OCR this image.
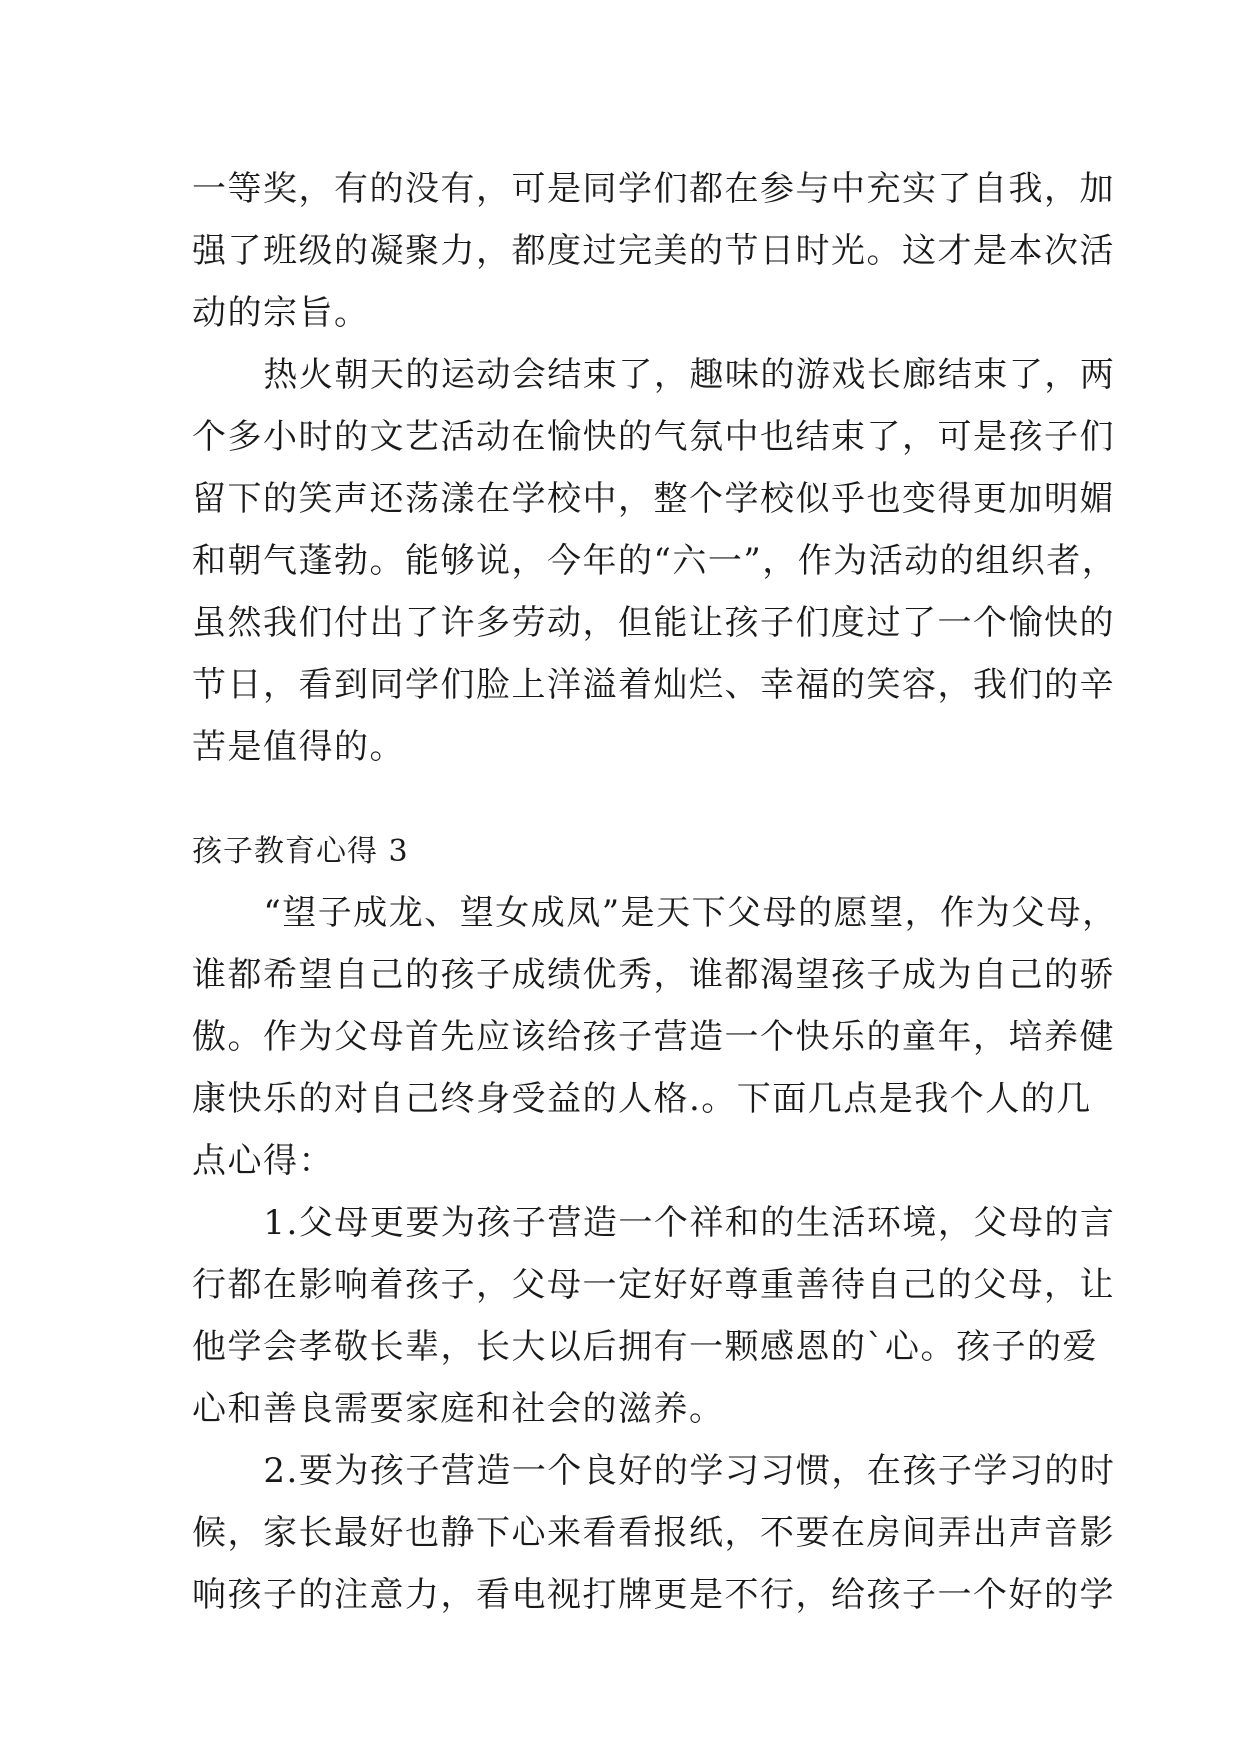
一等奖，有的没有，可是同学们都在参与中充实了自我，加
强了班级的凝聚力，都度过完美的节日时光。这才是本次活
动的宗旨。

热火朝天的运动会结束了，趣味的游戏长廊结束了，两
个多小时的文艺活动在愉快的气氛中也结束了，可是孩子们
留下的笑声还荡漾在学校中，整个学校似乎也变得更加明媚
和朝气蓬勃。能够说，今年的“六一”，作为活动的组织者，
虽然我们付出了许多劳动，但能让孩子们度过了一个愉快的
节日，看到同学们脸上洋溢着灿烂、幸福的笑容，我们的辛
苦是值得的。

孩子教育心得 3

“望子成龙、望女成凤”是天下父母的愿望，作为父母，
谁都希望自己的孩子成绩优秀，谁都渴望孩子成为自己的骄
傲。作为父母首先应该给孩子营造一个快乐的童年，培养健
康快乐的对自己终身受益的人格.。下面几点是我个人的几
点心得：

1.父母更要为孩子营造一个祥和的生活环境，父母的言
行都在影响着孩子，父母一定好好尊重善待自己的父母，让
他学会孝敬长辈，长大以后拥有一颗感恩的`心。孩子的爱
心和善良需要家庭和社会的滋养。

2.要为孩子营造一个良好的学习习惯，在孩子学习的时
候，家长最好也静下心来看看报纸，不要在房间弄出声音影
响孩子的注意力，看电视打牌更是不行，给孩子一个好的学
